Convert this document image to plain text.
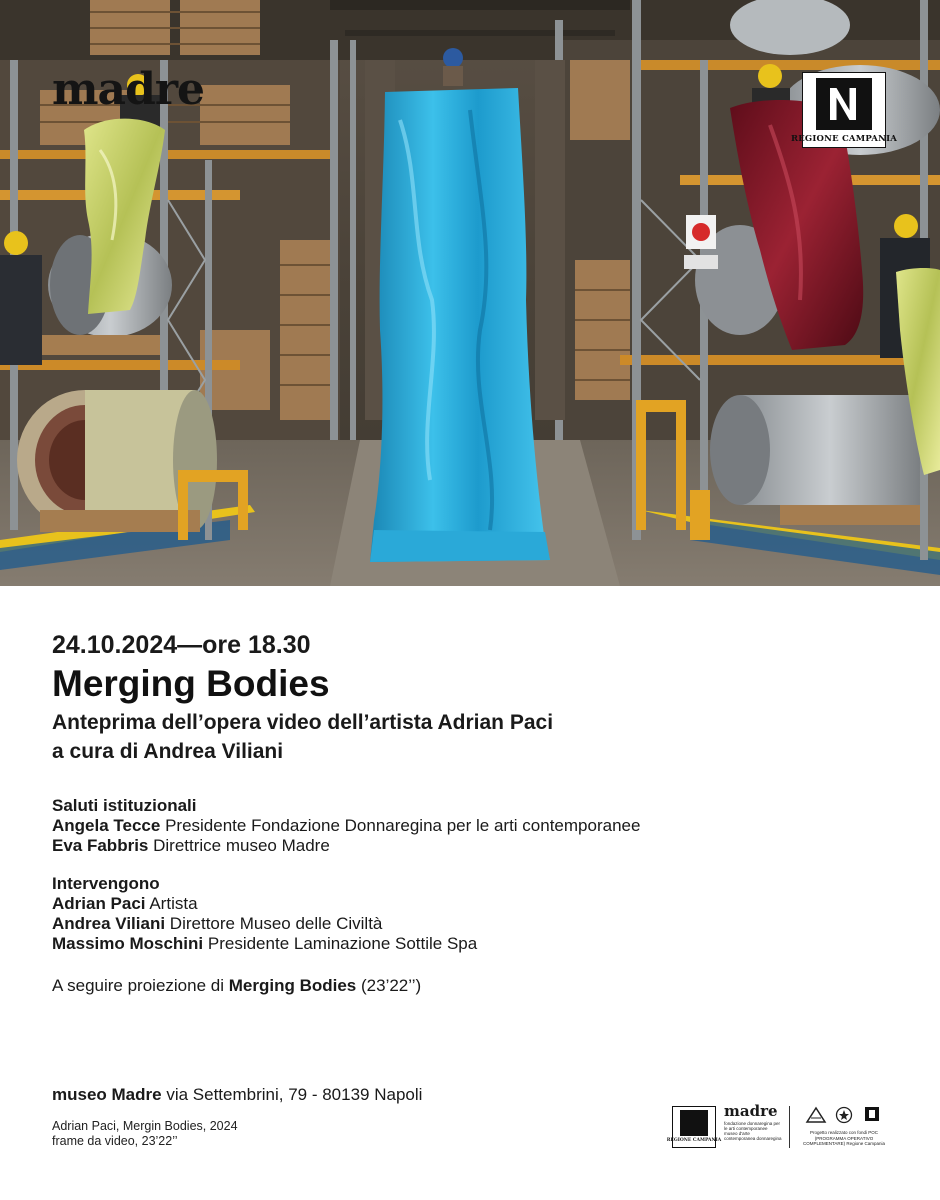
madre
REGIONE CAMPANIA
24.10.2024—ore 18.30
Merging Bodies
Anteprima dell’opera video dell’artista Adrian Paci
a cura di Andrea Viliani
Saluti istituzionali
Angela Tecce Presidente Fondazione Donnaregina per le arti contemporanee
Eva Fabbris Direttrice museo Madre
Intervengono
Adrian Paci Artista
Andrea Viliani Direttore Museo delle Civiltà
Massimo Moschini Presidente Laminazione Sottile Spa
A seguire proiezione di Merging Bodies (23’22’’)
museo Madre via Settembrini, 79 - 80139 Napoli
Adrian Paci, Mergin Bodies, 2024
frame da video, 23’22’’	REGIONE CAMPANIA
madre
fondazione donnaregina per le arti contemporanee museo d'arte contemporanea donnaregina
Progetto realizzato con fondi POC (PROGRAMMA OPERATIVO COMPLEMENTARE) Regione Campania
